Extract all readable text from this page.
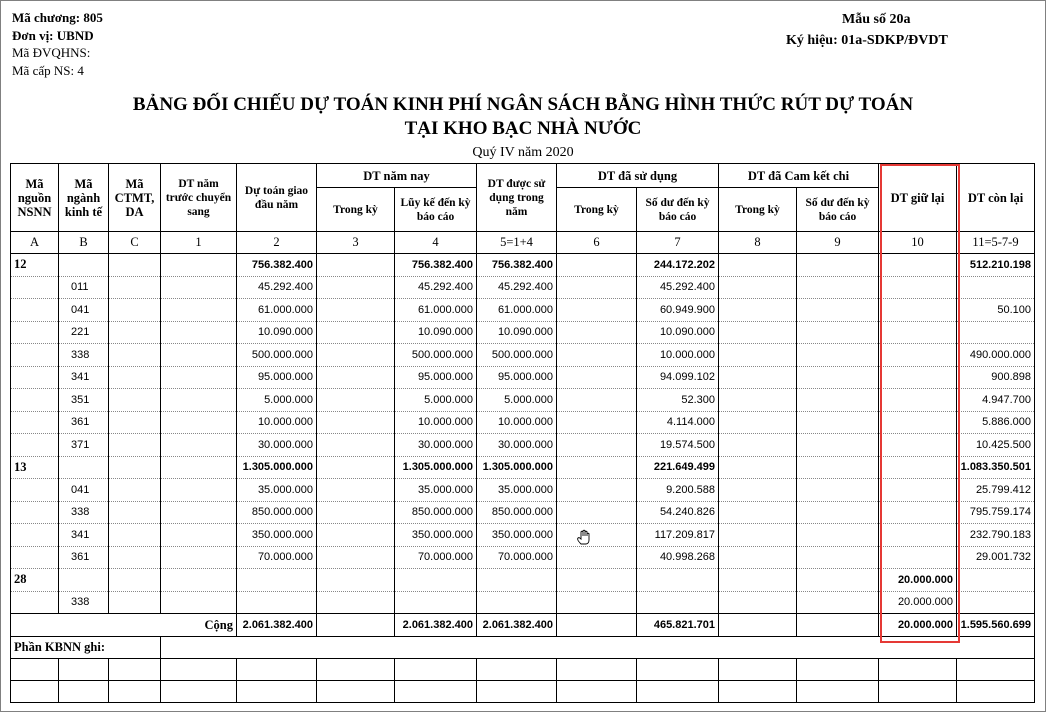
Mã chương: 805
Đơn vị: UBND
Mã ĐVQHNS:
Mã cấp NS: 4
Mẫu số 20a
Ký hiệu: 01a-SDKP/ĐVDT
BẢNG ĐỐI CHIẾU DỰ TOÁN KINH PHÍ NGÂN SÁCH BẰNG HÌNH THỨC RÚT DỰ TOÁN
TẠI KHO BẠC NHÀ NƯỚC
Quý IV năm 2020
Mã nguồn NSNN	Mã ngành kinh tế	Mã CTMT, DA	DT năm trước chuyển sang	Dự toán giao đầu năm	DT năm nay		DT được sử dụng trong năm	DT đã sử dụng		DT đã Cam kết chi		DT giữ lại	DT còn lại
					Trong kỳ	Lũy kế đến kỳ báo cáo		Trong kỳ	Số dư đến kỳ báo cáo	Trong kỳ	Số dư đến kỳ báo cáo		
A	B	C	1	2	3	4	5=1+4	6	7	8	9	10	11=5-7-9
12				756.382.400		756.382.400	756.382.400		244.172.202				512.210.198
	011			45.292.400		45.292.400	45.292.400		45.292.400				
	041			61.000.000		61.000.000	61.000.000		60.949.900				50.100
	221			10.090.000		10.090.000	10.090.000		10.090.000				
	338			500.000.000		500.000.000	500.000.000		10.000.000				490.000.000
	341			95.000.000		95.000.000	95.000.000		94.099.102				900.898
	351			5.000.000		5.000.000	5.000.000		52.300				4.947.700
	361			10.000.000		10.000.000	10.000.000		4.114.000				5.886.000
	371			30.000.000		30.000.000	30.000.000		19.574.500				10.425.500
13				1.305.000.000		1.305.000.000	1.305.000.000		221.649.499				1.083.350.501
	041			35.000.000		35.000.000	35.000.000		9.200.588				25.799.412
	338			850.000.000		850.000.000	850.000.000		54.240.826				795.759.174
	341			350.000.000		350.000.000	350.000.000		117.209.817				232.790.183
	361			70.000.000		70.000.000	70.000.000		40.998.268				29.001.732
28												20.000.000	
	338											20.000.000	
Cộng				2.061.382.400		2.061.382.400	2.061.382.400		465.821.701			20.000.000	1.595.560.699
Phần KBNN ghi:													
